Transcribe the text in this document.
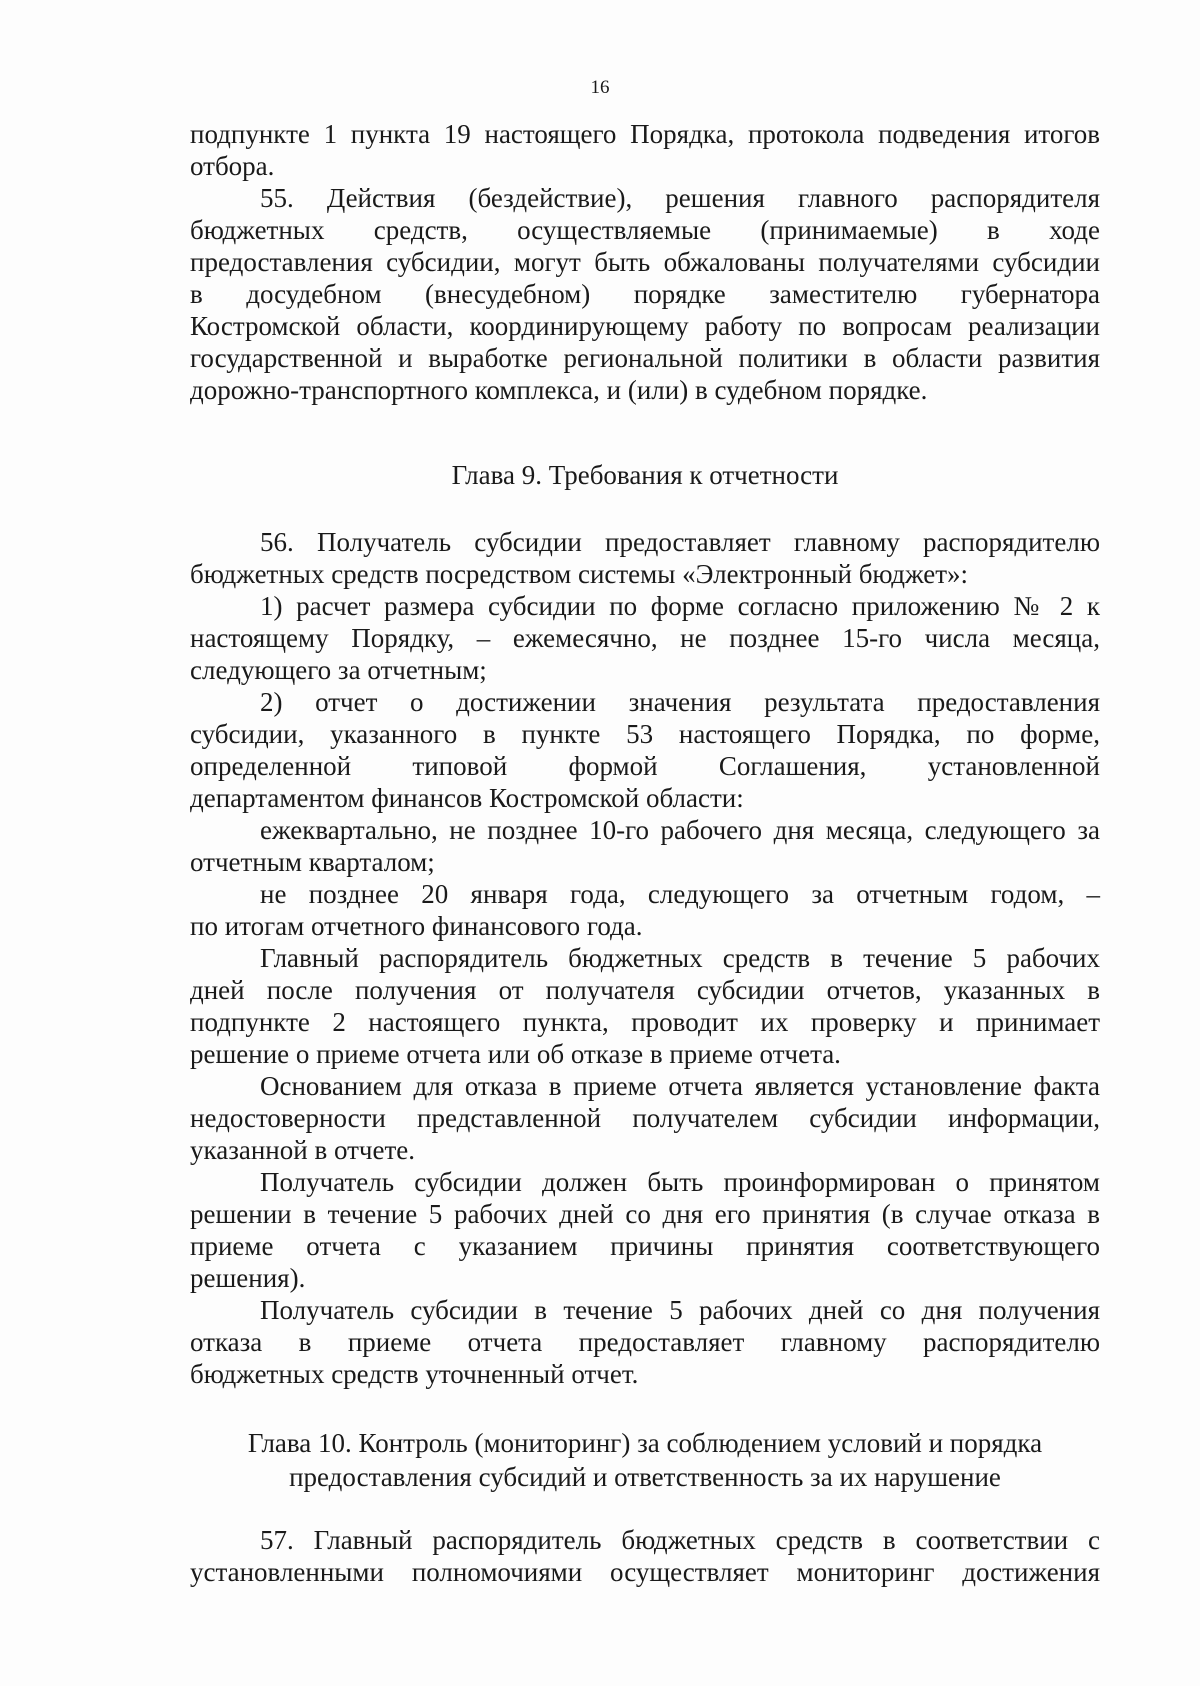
16

подпункте 1 пункта 19 настоящего Порядка, протокола подведения итогов

отбора.

55. Действия (бездействие), решения главного распорядителя

бюджетных средств, осуществляемые (принимаемые) в ходе

предоставления субсидии, могут быть обжалованы получателями субсидии

в досудебном (внесудебном) порядке заместителю губернатора

Костромской области, координирующему работу по вопросам реализации

государственной и выработке региональной политики в области развития

дорожно-транспортного комплекса, и (или) в судебном порядке.

Глава 9. Требования к отчетности

56. Получатель субсидии предоставляет главному распорядителю

бюджетных средств посредством системы «Электронный бюджет»:

1) расчет размера субсидии по форме согласно приложению № 2 к

настоящему Порядку, – ежемесячно, не позднее 15-го числа месяца,

следующего за отчетным;

2) отчет о достижении значения результата предоставления

субсидии, указанного в пункте 53 настоящего Порядка, по форме,

определенной типовой формой Соглашения, установленной

департаментом финансов Костромской области:

ежеквартально, не позднее 10-го рабочего дня месяца, следующего за

отчетным кварталом;

не позднее 20 января года, следующего за отчетным годом, –

по итогам отчетного финансового года.

Главный распорядитель бюджетных средств в течение 5 рабочих

дней после получения от получателя субсидии отчетов, указанных в

подпункте 2 настоящего пункта, проводит их проверку и принимает

решение о приеме отчета или об отказе в приеме отчета.

Основанием для отказа в приеме отчета является установление факта

недостоверности представленной получателем субсидии информации,

указанной в отчете.

Получатель субсидии должен быть проинформирован о принятом

решении в течение 5 рабочих дней со дня его принятия (в случае отказа в

приеме отчета с указанием причины принятия соответствующего

решения).

Получатель субсидии в течение 5 рабочих дней со дня получения

отказа в приеме отчета предоставляет главному распорядителю

бюджетных средств уточненный отчет.

Глава 10. Контроль (мониторинг) за соблюдением условий и порядка
предоставления субсидий и ответственность за их нарушение

57. Главный распорядитель бюджетных средств в соответствии с

установленными полномочиями осуществляет мониторинг достижения
